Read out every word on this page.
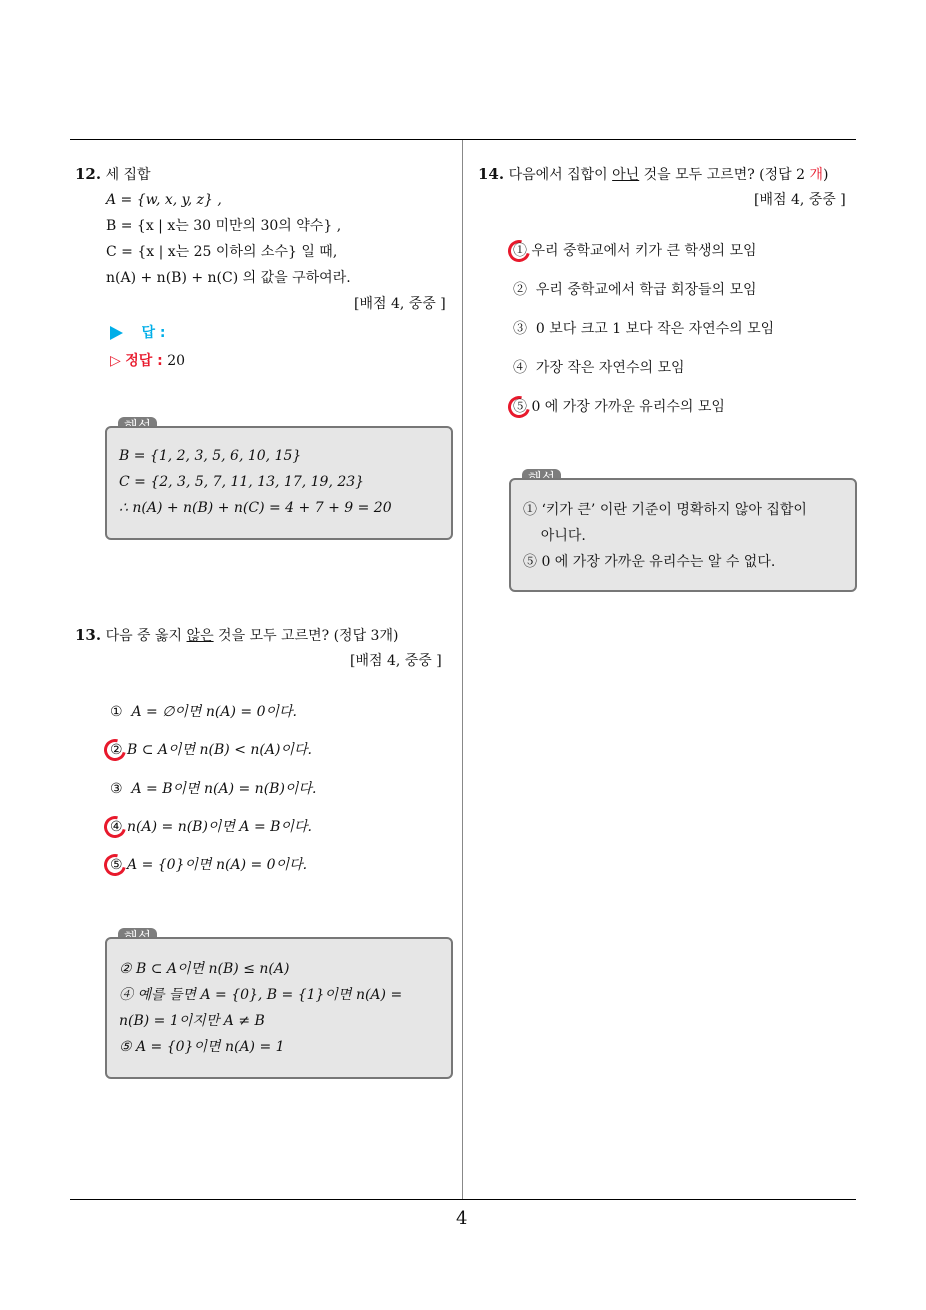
4
12. 세 집합
A = {w, x, y, z} ,
B = {x | x는 30 미만의 30의 약수} ,
C = {x | x는 25 이하의 소수} 일 때,
n(A) + n(B) + n(C) 의 값을 구하여라.
[배점 4, 중중 ]
답 :
▷ 정답 : 20
B = {1, 2, 3, 5, 6, 10, 15}
C = {2, 3, 5, 7, 11, 13, 17, 19, 23}
∴ n(A) + n(B) + n(C) = 4 + 7 + 9 = 20
13. 다음 중 옳지 않은 것을 모두 고르면? (정답 3개)
[배점 4, 중중 ]
① A = ∅이면 n(A) = 0이다.
② B ⊂ A이면 n(B) < n(A)이다.
③ A = B이면 n(A) = n(B)이다.
④ n(A) = n(B)이면 A = B이다.
⑤ A = {0}이면 n(A) = 0이다.
② B ⊂ A이면 n(B) ≤ n(A)
④ 예를 들면 A = {0}, B = {1}이면 n(A) =
n(B) = 1이지만 A ≠ B
⑤ A = {0}이면 n(A) = 1
14. 다음에서 집합이 아닌 것을 모두 고르면? (정답 2 개)
[배점 4, 중중 ]
① 우리 중학교에서 키가 큰 학생의 모임
② 우리 중학교에서 학급 회장들의 모임
③ 0 보다 크고 1 보다 작은 자연수의 모임
④ 가장 작은 자연수의 모임
⑤ 0 에 가장 가까운 유리수의 모임
① ‘키가 큰’ 이란 기준이 명확하지 않아 집합이
아니다.
⑤ 0 에 가장 가까운 유리수는 알 수 없다.
